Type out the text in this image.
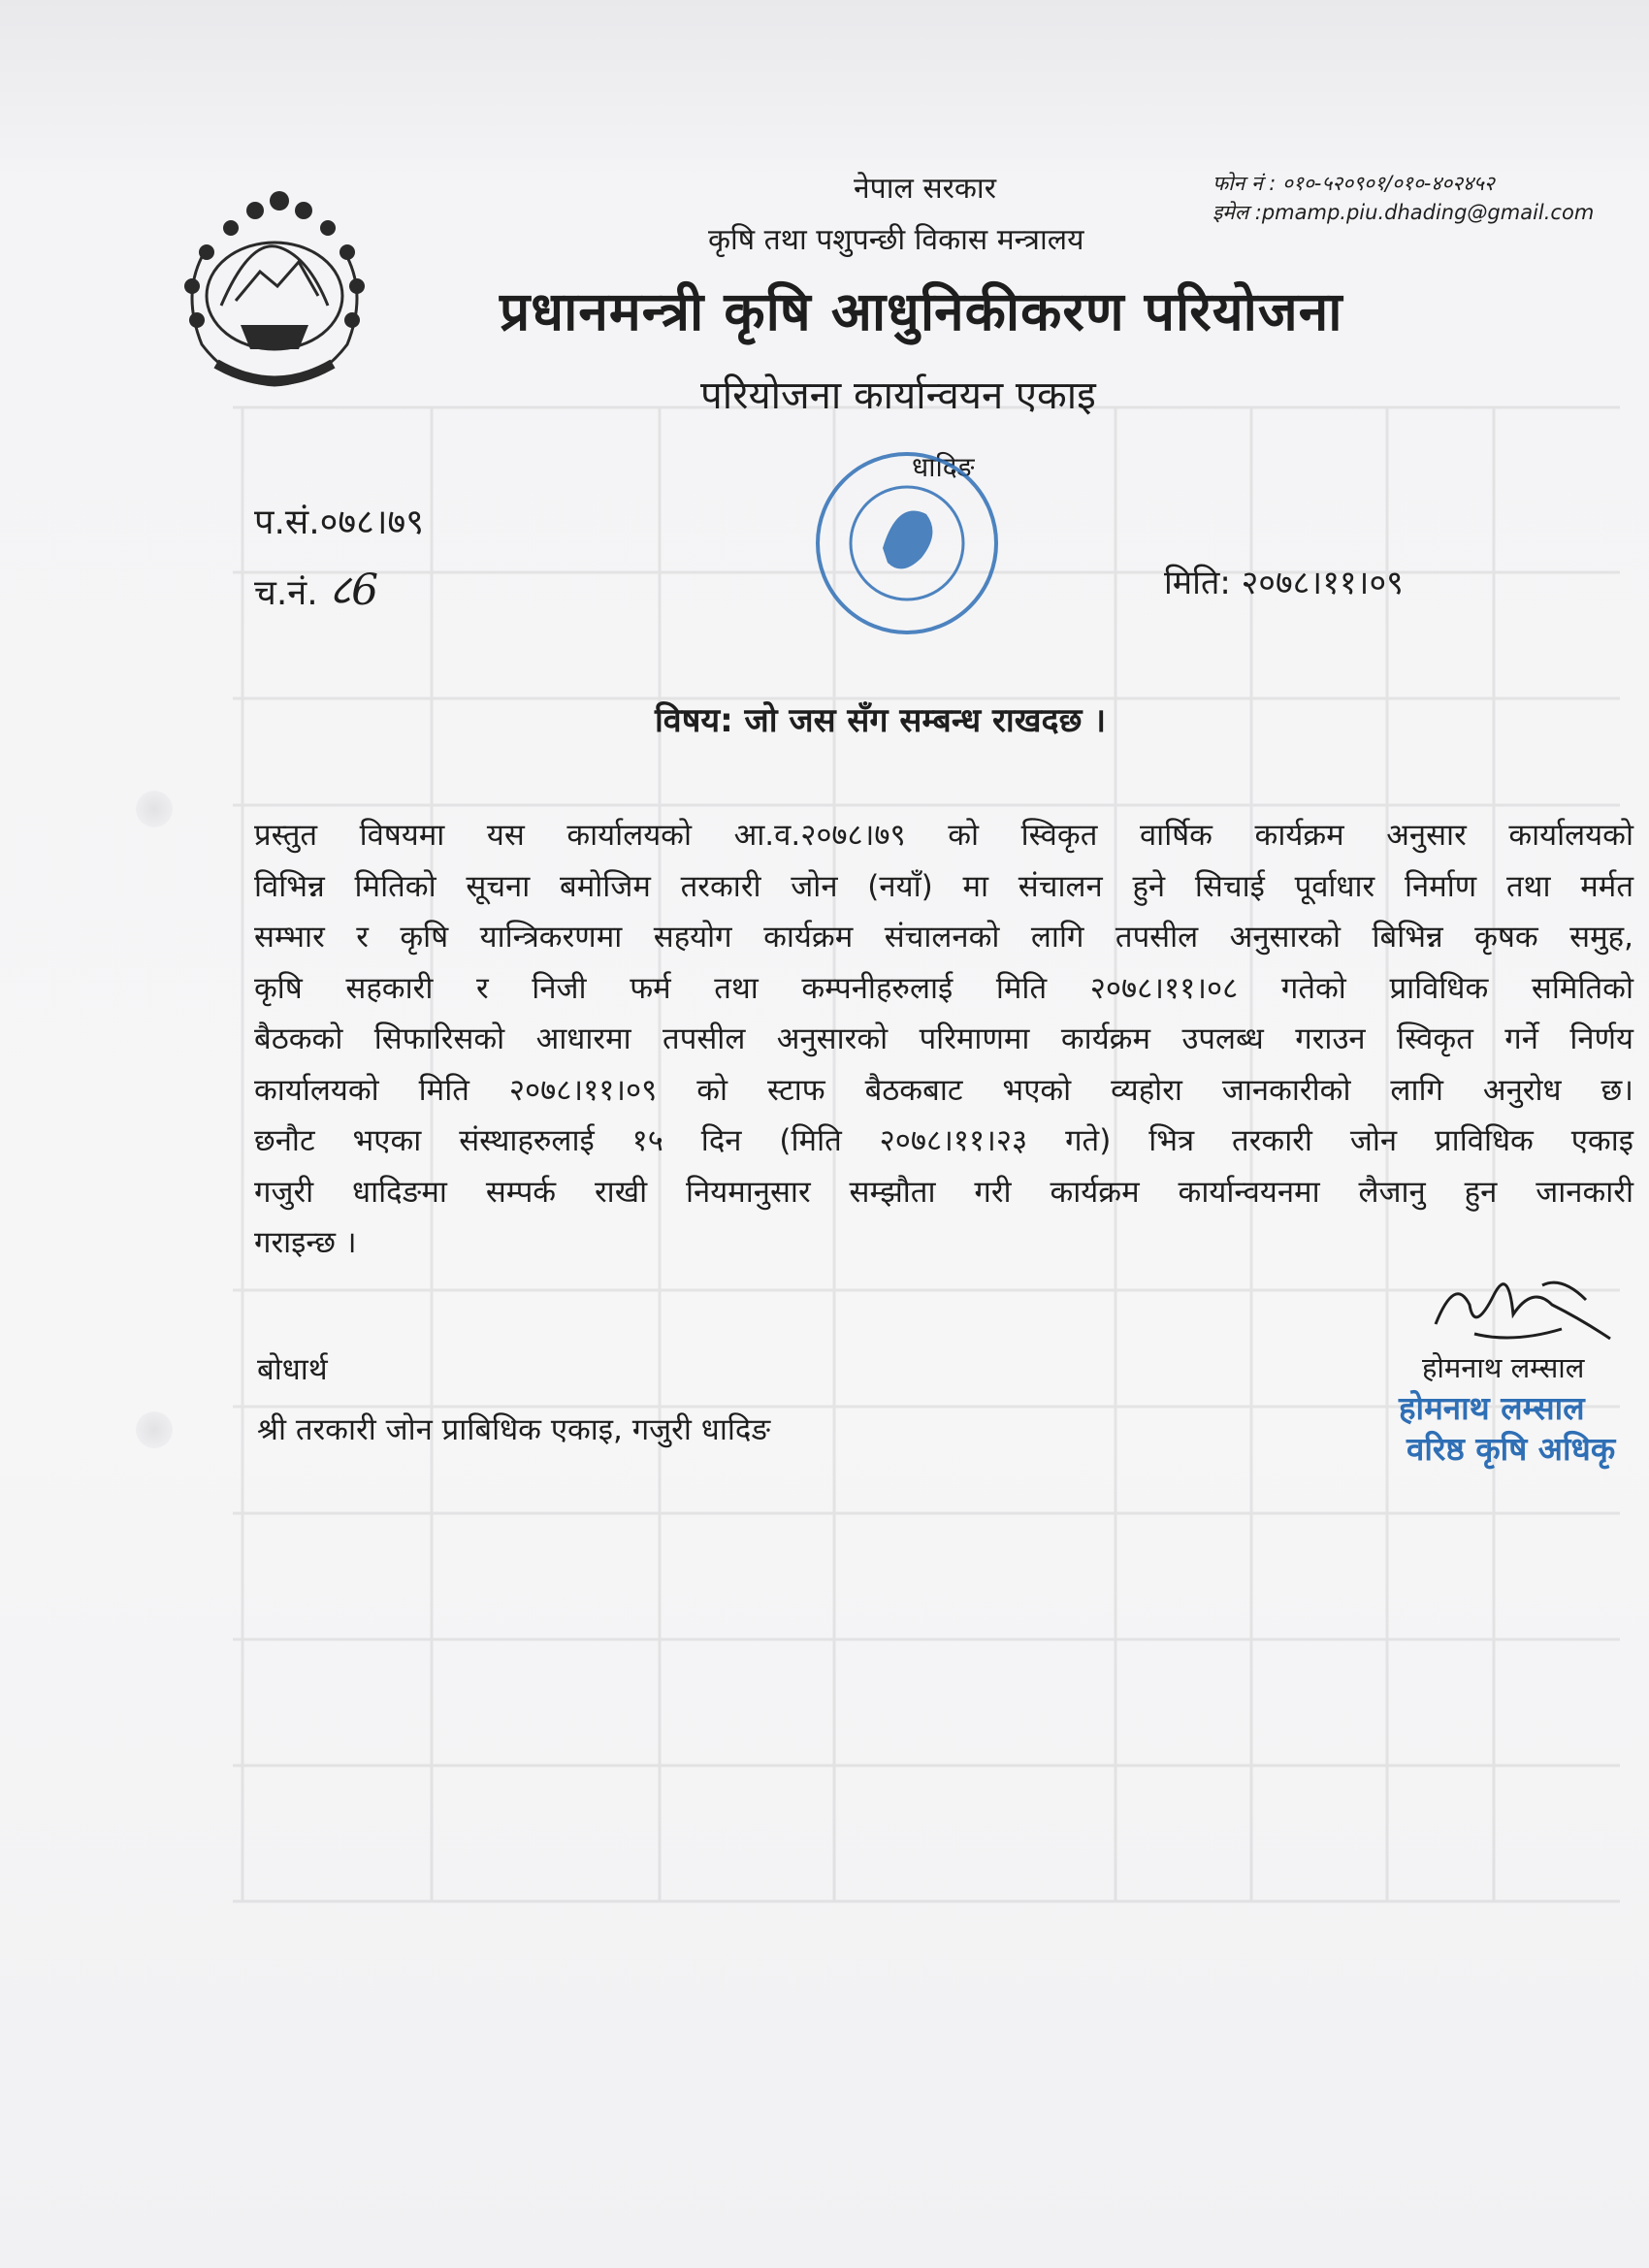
नेपाल सरकार
कृषि तथा पशुपन्छी विकास मन्त्रालय
प्रधानमन्त्री कृषि आधुनिकीकरण परियोजना
परियोजना कार्यान्वयन एकाइ
धादिङ
फोन नं : ०१०-५२०९०१/०१०-४०२४५२
इमेल :pmamp.piu.dhading@gmail.com
प.सं.०७८।७९
च.नं. ८6	मिति: २०७८।११।०९
विषय: जो जस सँग सम्बन्ध राखदछ ।
प्रस्तुत विषयमा यस कार्यालयको आ.व.२०७८।७९ को स्विकृत वार्षिक कार्यक्रम अनुसार कार्यालयको
विभिन्न मितिको सूचना बमोजिम तरकारी जोन (नयाँ) मा संचालन हुने सिचाई पूर्वाधार निर्माण तथा मर्मत
सम्भार र कृषि यान्त्रिकरणमा सहयोग कार्यक्रम संचालनको लागि तपसील अनुसारको बिभिन्न कृषक समुह,
कृषि सहकारी र निजी फर्म तथा कम्पनीहरुलाई मिति २०७८।११।०८ गतेको प्राविधिक समितिको
बैठकको सिफारिसको आधारमा तपसील अनुसारको परिमाणमा कार्यक्रम उपलब्ध गराउन स्विकृत गर्ने निर्णय
कार्यालयको मिति २०७८।११।०९ को स्टाफ बैठकबाट भएको व्यहोरा जानकारीको लागि अनुरोध छ।
छनौट भएका संस्थाहरुलाई १५ दिन (मिति २०७८।११।२३ गते) भित्र तरकारी जोन प्राविधिक एकाइ
गजुरी धादिङमा सम्पर्क राखी नियमानुसार सम्झौता गरी कार्यक्रम कार्यान्वयनमा लैजानु हुन जानकारी
गराइन्छ ।
बोधार्थ
श्री तरकारी जोन प्राबिधिक एकाइ, गजुरी धादिङ
होमनाथ लम्साल
होमनाथ लम्साल
वरिष्ठ कृषि अधिकृ
